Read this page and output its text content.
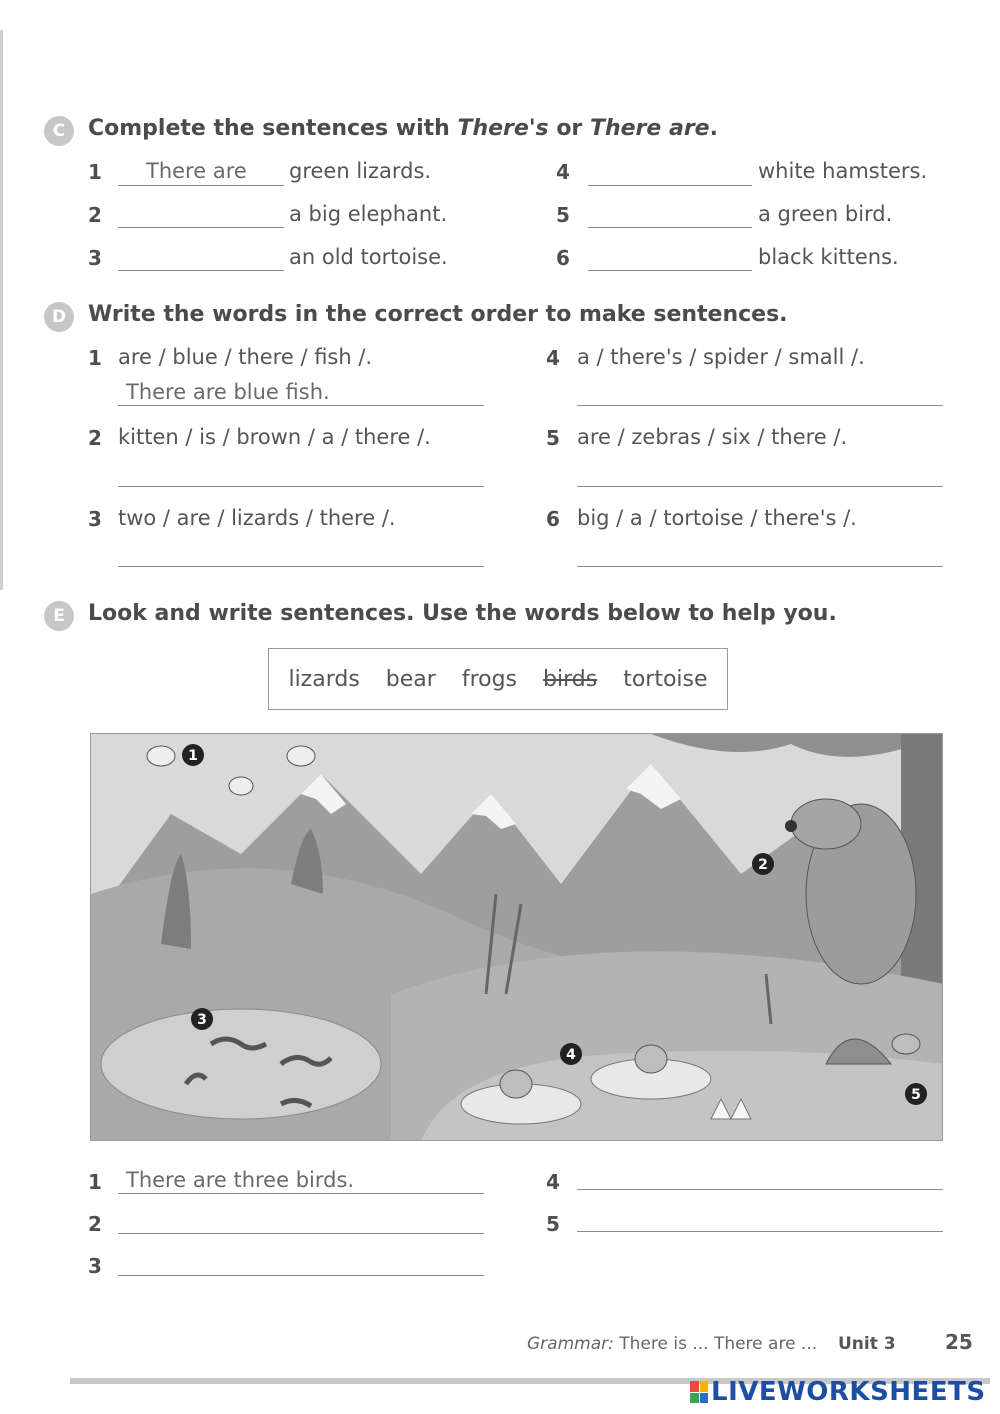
C	Complete the sentences with There's or There are.
1 There are green lizards.
2	a big elephant.
3	an old tortoise.
4	white hamsters.
5	a green bird.
6	black kittens.
D Write the words in the correct order to make sentences.
1 are / blue / there / fish /.
There are blue fish.
2 kitten / is / brown / a / there /.
3 two / are / lizards / there /.
4 a / there's / spider / small /.
5 are / zebras / six / there /.
6 big / a / tortoise / there's /.
E	Look and write sentences. Use the words below to help you.
lizards bear frogs birds tortoise
1
2
3
4
5
1 There are three birds.
2
3
4
5
Grammar: There is ... There are ... Unit 3 25
LIVEWORKSHEETS
